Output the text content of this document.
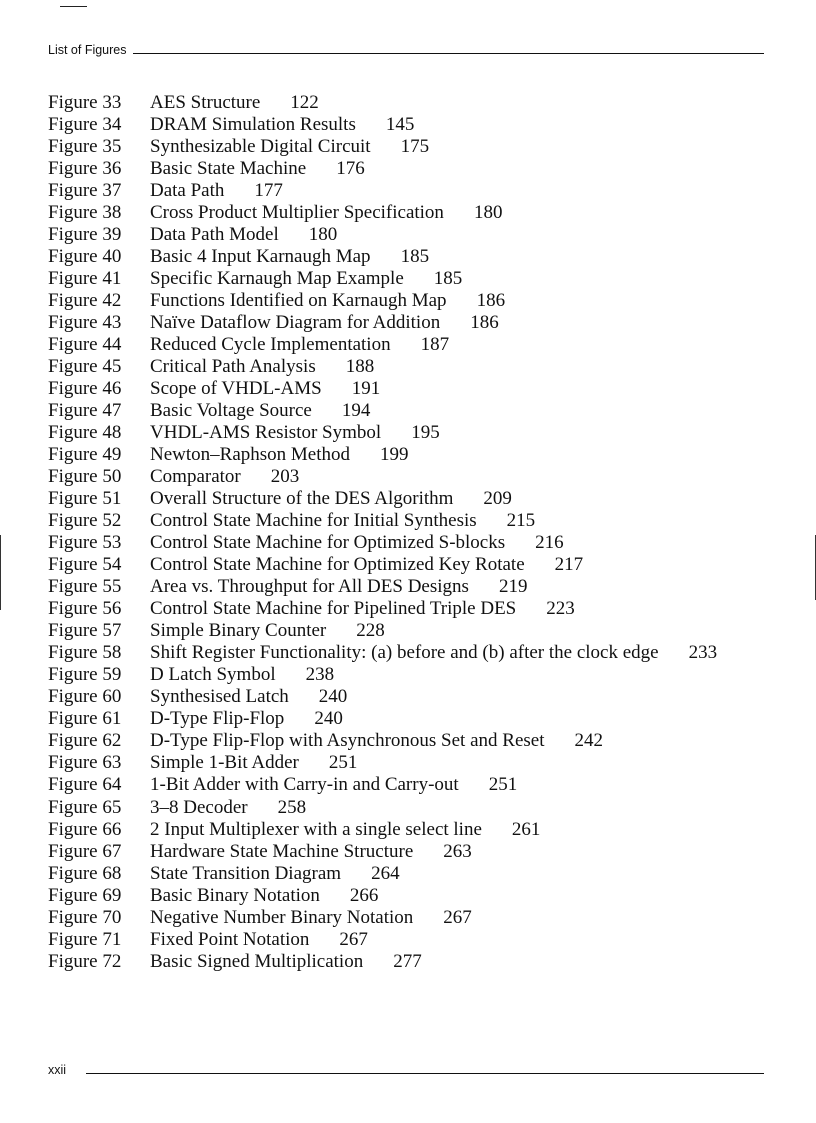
List of Figures
Figure 33 AES Structure 122
Figure 34 DRAM Simulation Results 145
Figure 35 Synthesizable Digital Circuit 175
Figure 36 Basic State Machine 176
Figure 37 Data Path 177
Figure 38 Cross Product Multiplier Specification 180
Figure 39 Data Path Model 180
Figure 40 Basic 4 Input Karnaugh Map 185
Figure 41 Specific Karnaugh Map Example 185
Figure 42 Functions Identified on Karnaugh Map 186
Figure 43 Naïve Dataflow Diagram for Addition 186
Figure 44 Reduced Cycle Implementation 187
Figure 45 Critical Path Analysis 188
Figure 46 Scope of VHDL-AMS 191
Figure 47 Basic Voltage Source 194
Figure 48 VHDL-AMS Resistor Symbol 195
Figure 49 Newton–Raphson Method 199
Figure 50 Comparator 203
Figure 51 Overall Structure of the DES Algorithm 209
Figure 52 Control State Machine for Initial Synthesis 215
Figure 53 Control State Machine for Optimized S-blocks 216
Figure 54 Control State Machine for Optimized Key Rotate 217
Figure 55 Area vs. Throughput for All DES Designs 219
Figure 56 Control State Machine for Pipelined Triple DES 223
Figure 57 Simple Binary Counter 228
Figure 58 Shift Register Functionality: (a) before and (b) after the clock edge 233
Figure 59 D Latch Symbol 238
Figure 60 Synthesised Latch 240
Figure 61 D-Type Flip-Flop 240
Figure 62 D-Type Flip-Flop with Asynchronous Set and Reset 242
Figure 63 Simple 1-Bit Adder 251
Figure 64 1-Bit Adder with Carry-in and Carry-out 251
Figure 65 3–8 Decoder 258
Figure 66 2 Input Multiplexer with a single select line 261
Figure 67 Hardware State Machine Structure 263
Figure 68 State Transition Diagram 264
Figure 69 Basic Binary Notation 266
Figure 70 Negative Number Binary Notation 267
Figure 71 Fixed Point Notation 267
Figure 72 Basic Signed Multiplication 277
xxii
